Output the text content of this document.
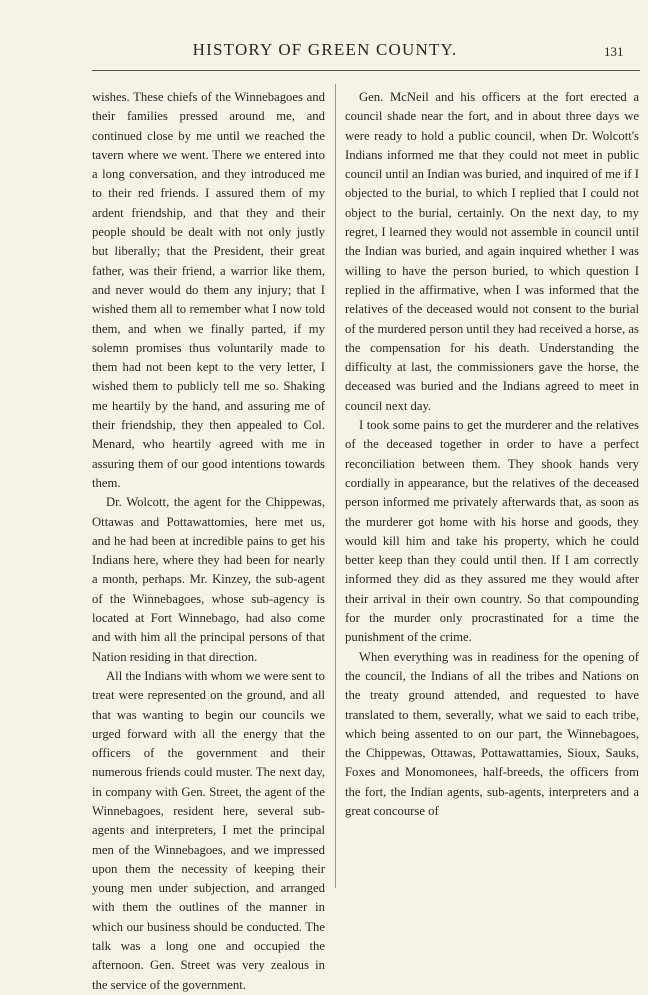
HISTORY OF GREEN COUNTY.	131

wishes. These chiefs of the Winnebagoes and their families pressed around me, and continued close by me until we reached the tavern where we went. There we entered into a long conversation, and they introduced me to their red friends. I assured them of my ardent friendship, and that they and their people should be dealt with not only justly but liberally; that the President, their great father, was their friend, a warrior like them, and never would do them any injury; that I wished them all to remember what I now told them, and when we finally parted, if my solemn promises thus voluntarily made to them had not been kept to the very letter, I wished them to publicly tell me so. Shaking me heartily by the hand, and assuring me of their friendship, they then appealed to Col. Menard, who heartily agreed with me in assuring them of our good intentions towards them.

Dr. Wolcott, the agent for the Chippewas, Ottawas and Pottawattomies, here met us, and he had been at incredible pains to get his Indians here, where they had been for nearly a month, perhaps. Mr. Kinzey, the sub-agent of the Winnebagoes, whose sub-agency is located at Fort Winnebago, had also come and with him all the principal persons of that Nation residing in that direction.

All the Indians with whom we were sent to treat were represented on the ground, and all that was wanting to begin our councils we urged forward with all the energy that the officers of the government and their numerous friends could muster. The next day, in company with Gen. Street, the agent of the Winnebagoes, resident here, several sub-agents and interpreters, I met the principal men of the Winnebagoes, and we impressed upon them the necessity of keeping their young men under subjection, and arranged with them the outlines of the manner in which our business should be conducted. The talk was a long one and occupied the afternoon. Gen. Street was very zealous in the service of the government.

Gen. McNeil and his officers at the fort erected a council shade near the fort, and in about three days we were ready to hold a public council, when Dr. Wolcott's Indians informed me that they could not meet in public council until an Indian was buried, and inquired of me if I objected to the burial, to which I replied that I could not object to the burial, certainly. On the next day, to my regret, I learned they would not assemble in council until the Indian was buried, and again inquired whether I was willing to have the person buried, to which question I replied in the affirmative, when I was informed that the relatives of the deceased would not consent to the burial of the murdered person until they had received a horse, as the compensation for his death. Understanding the difficulty at last, the commissioners gave the horse, the deceased was buried and the Indians agreed to meet in council next day.

I took some pains to get the murderer and the relatives of the deceased together in order to have a perfect reconciliation between them. They shook hands very cordially in appearance, but the relatives of the deceased person informed me privately afterwards that, as soon as the murderer got home with his horse and goods, they would kill him and take his property, which he could better keep than they could until then. If I am correctly informed they did as they assured me they would after their arrival in their own country. So that compounding for the murder only procrastinated for a time the punishment of the crime.

When everything was in readiness for the opening of the council, the Indians of all the tribes and Nations on the treaty ground attended, and requested to have translated to them, severally, what we said to each tribe, which being assented to on our part, the Winnebagoes, the Chippewas, Ottawas, Pottawattamies, Sioux, Sauks, Foxes and Monomonees, half-breeds, the officers from the fort, the Indian agents, sub-agents, interpreters and a great concourse of
